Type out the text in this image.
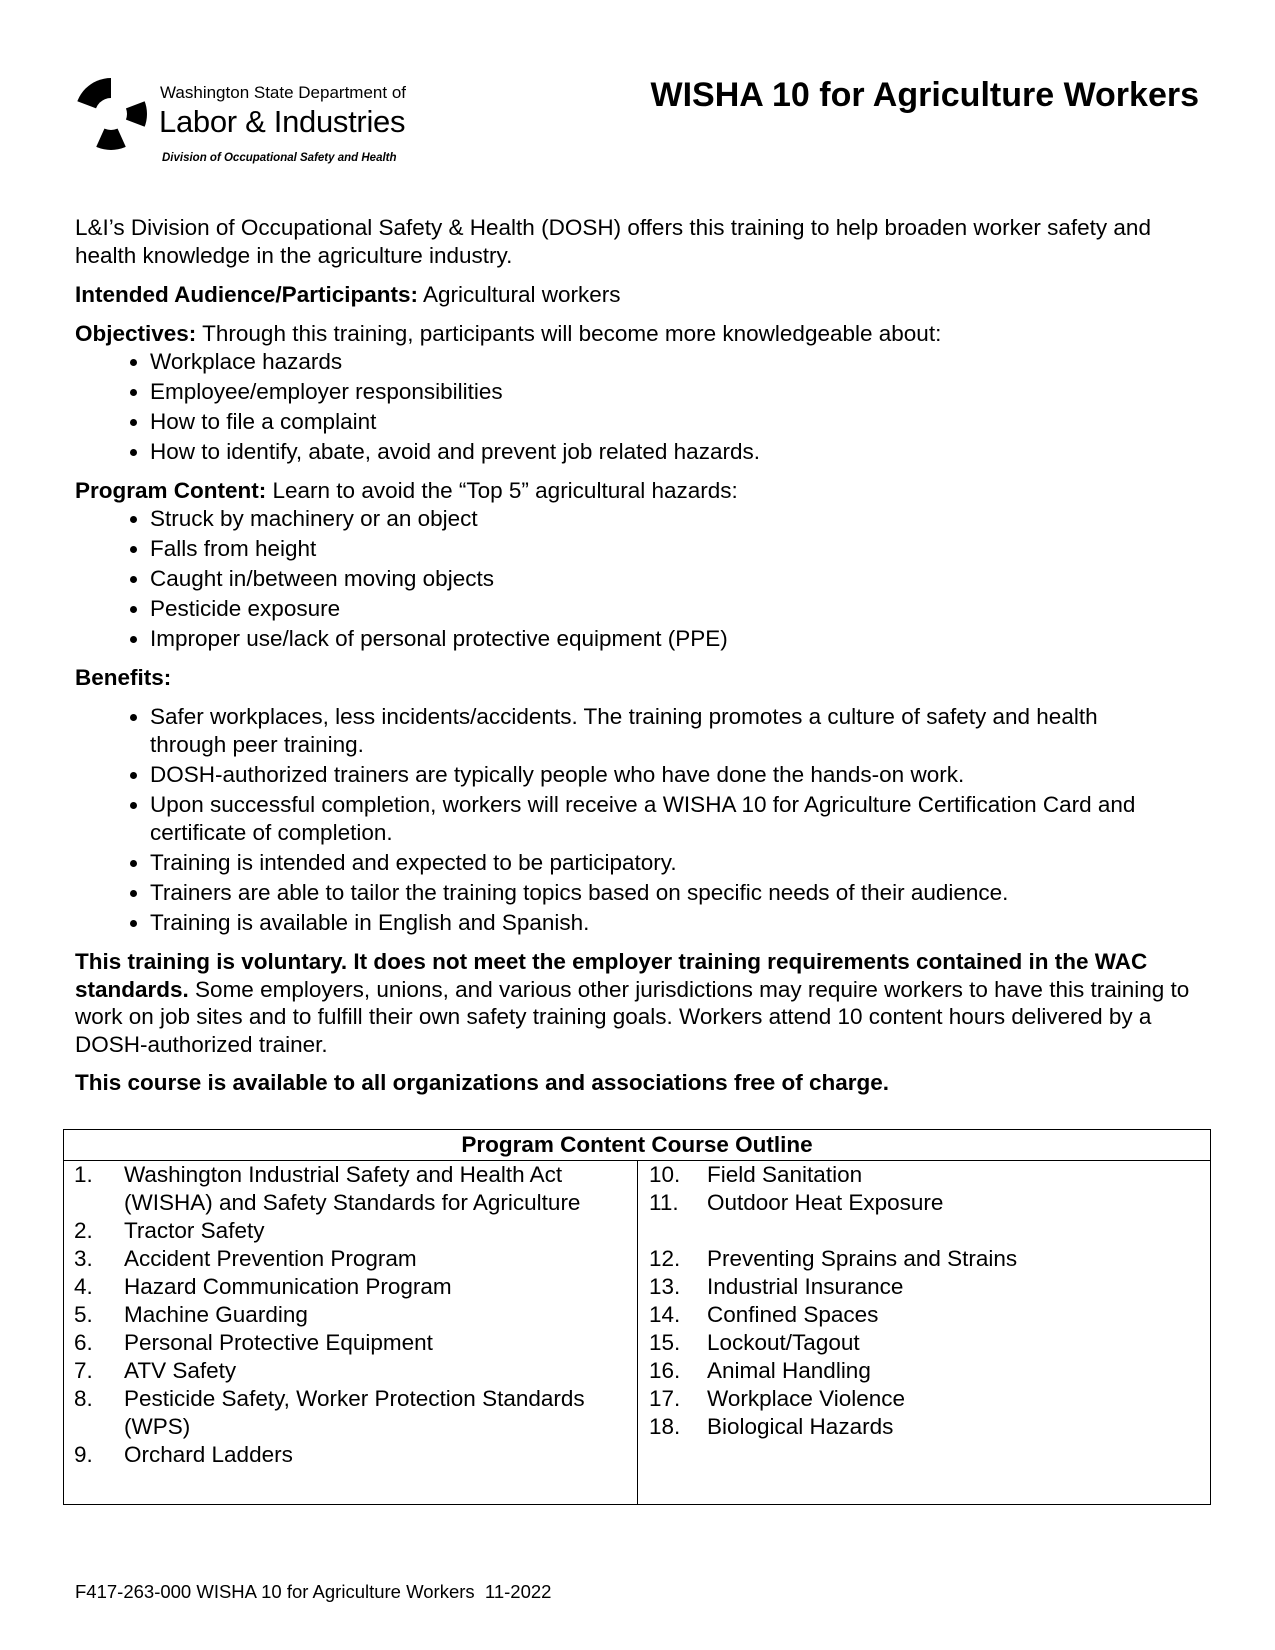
Washington State Department of
Labor & Industries
Division of Occupational Safety and Health
WISHA 10 for Agriculture Workers

L&I’s Division of Occupational Safety & Health (DOSH) offers this training to help broaden worker safety and health knowledge in the agriculture industry.

Intended Audience/Participants: Agricultural workers

Objectives: Through this training, participants will become more knowledgeable about:

• Workplace hazards
• Employee/employer responsibilities
• How to file a complaint
• How to identify, abate, avoid and prevent job related hazards.

Program Content: Learn to avoid the “Top 5” agricultural hazards:

• Struck by machinery or an object
• Falls from height
• Caught in/between moving objects
• Pesticide exposure
• Improper use/lack of personal protective equipment (PPE)

Benefits:

• Safer workplaces, less incidents/accidents. The training promotes a culture of safety and health through peer training.
• DOSH-authorized trainers are typically people who have done the hands-on work.
• Upon successful completion, workers will receive a WISHA 10 for Agriculture Certification Card and certificate of completion.
• Training is intended and expected to be participatory.
• Trainers are able to tailor the training topics based on specific needs of their audience.
• Training is available in English and Spanish.

This training is voluntary. It does not meet the employer training requirements contained in the WAC standards. Some employers, unions, and various other jurisdictions may require workers to have this training to work on job sites and to fulfill their own safety training goals. Workers attend 10 content hours delivered by a DOSH-authorized trainer.

This course is available to all organizations and associations free of charge.

Program Content Course Outline
1. Washington Industrial Safety and Health Act (WISHA) and Safety Standards for Agriculture
2. Tractor Safety
3. Accident Prevention Program
4. Hazard Communication Program
5. Machine Guarding
6. Personal Protective Equipment
7. ATV Safety
8. Pesticide Safety, Worker Protection Standards (WPS)
9. Orchard Ladders
10. Field Sanitation
11. Outdoor Heat Exposure
12. Preventing Sprains and Strains
13. Industrial Insurance
14. Confined Spaces
15. Lockout/Tagout
16. Animal Handling
17. Workplace Violence
18. Biological Hazards
F417-263-000 WISHA 10 for Agriculture Workers  11-2022
